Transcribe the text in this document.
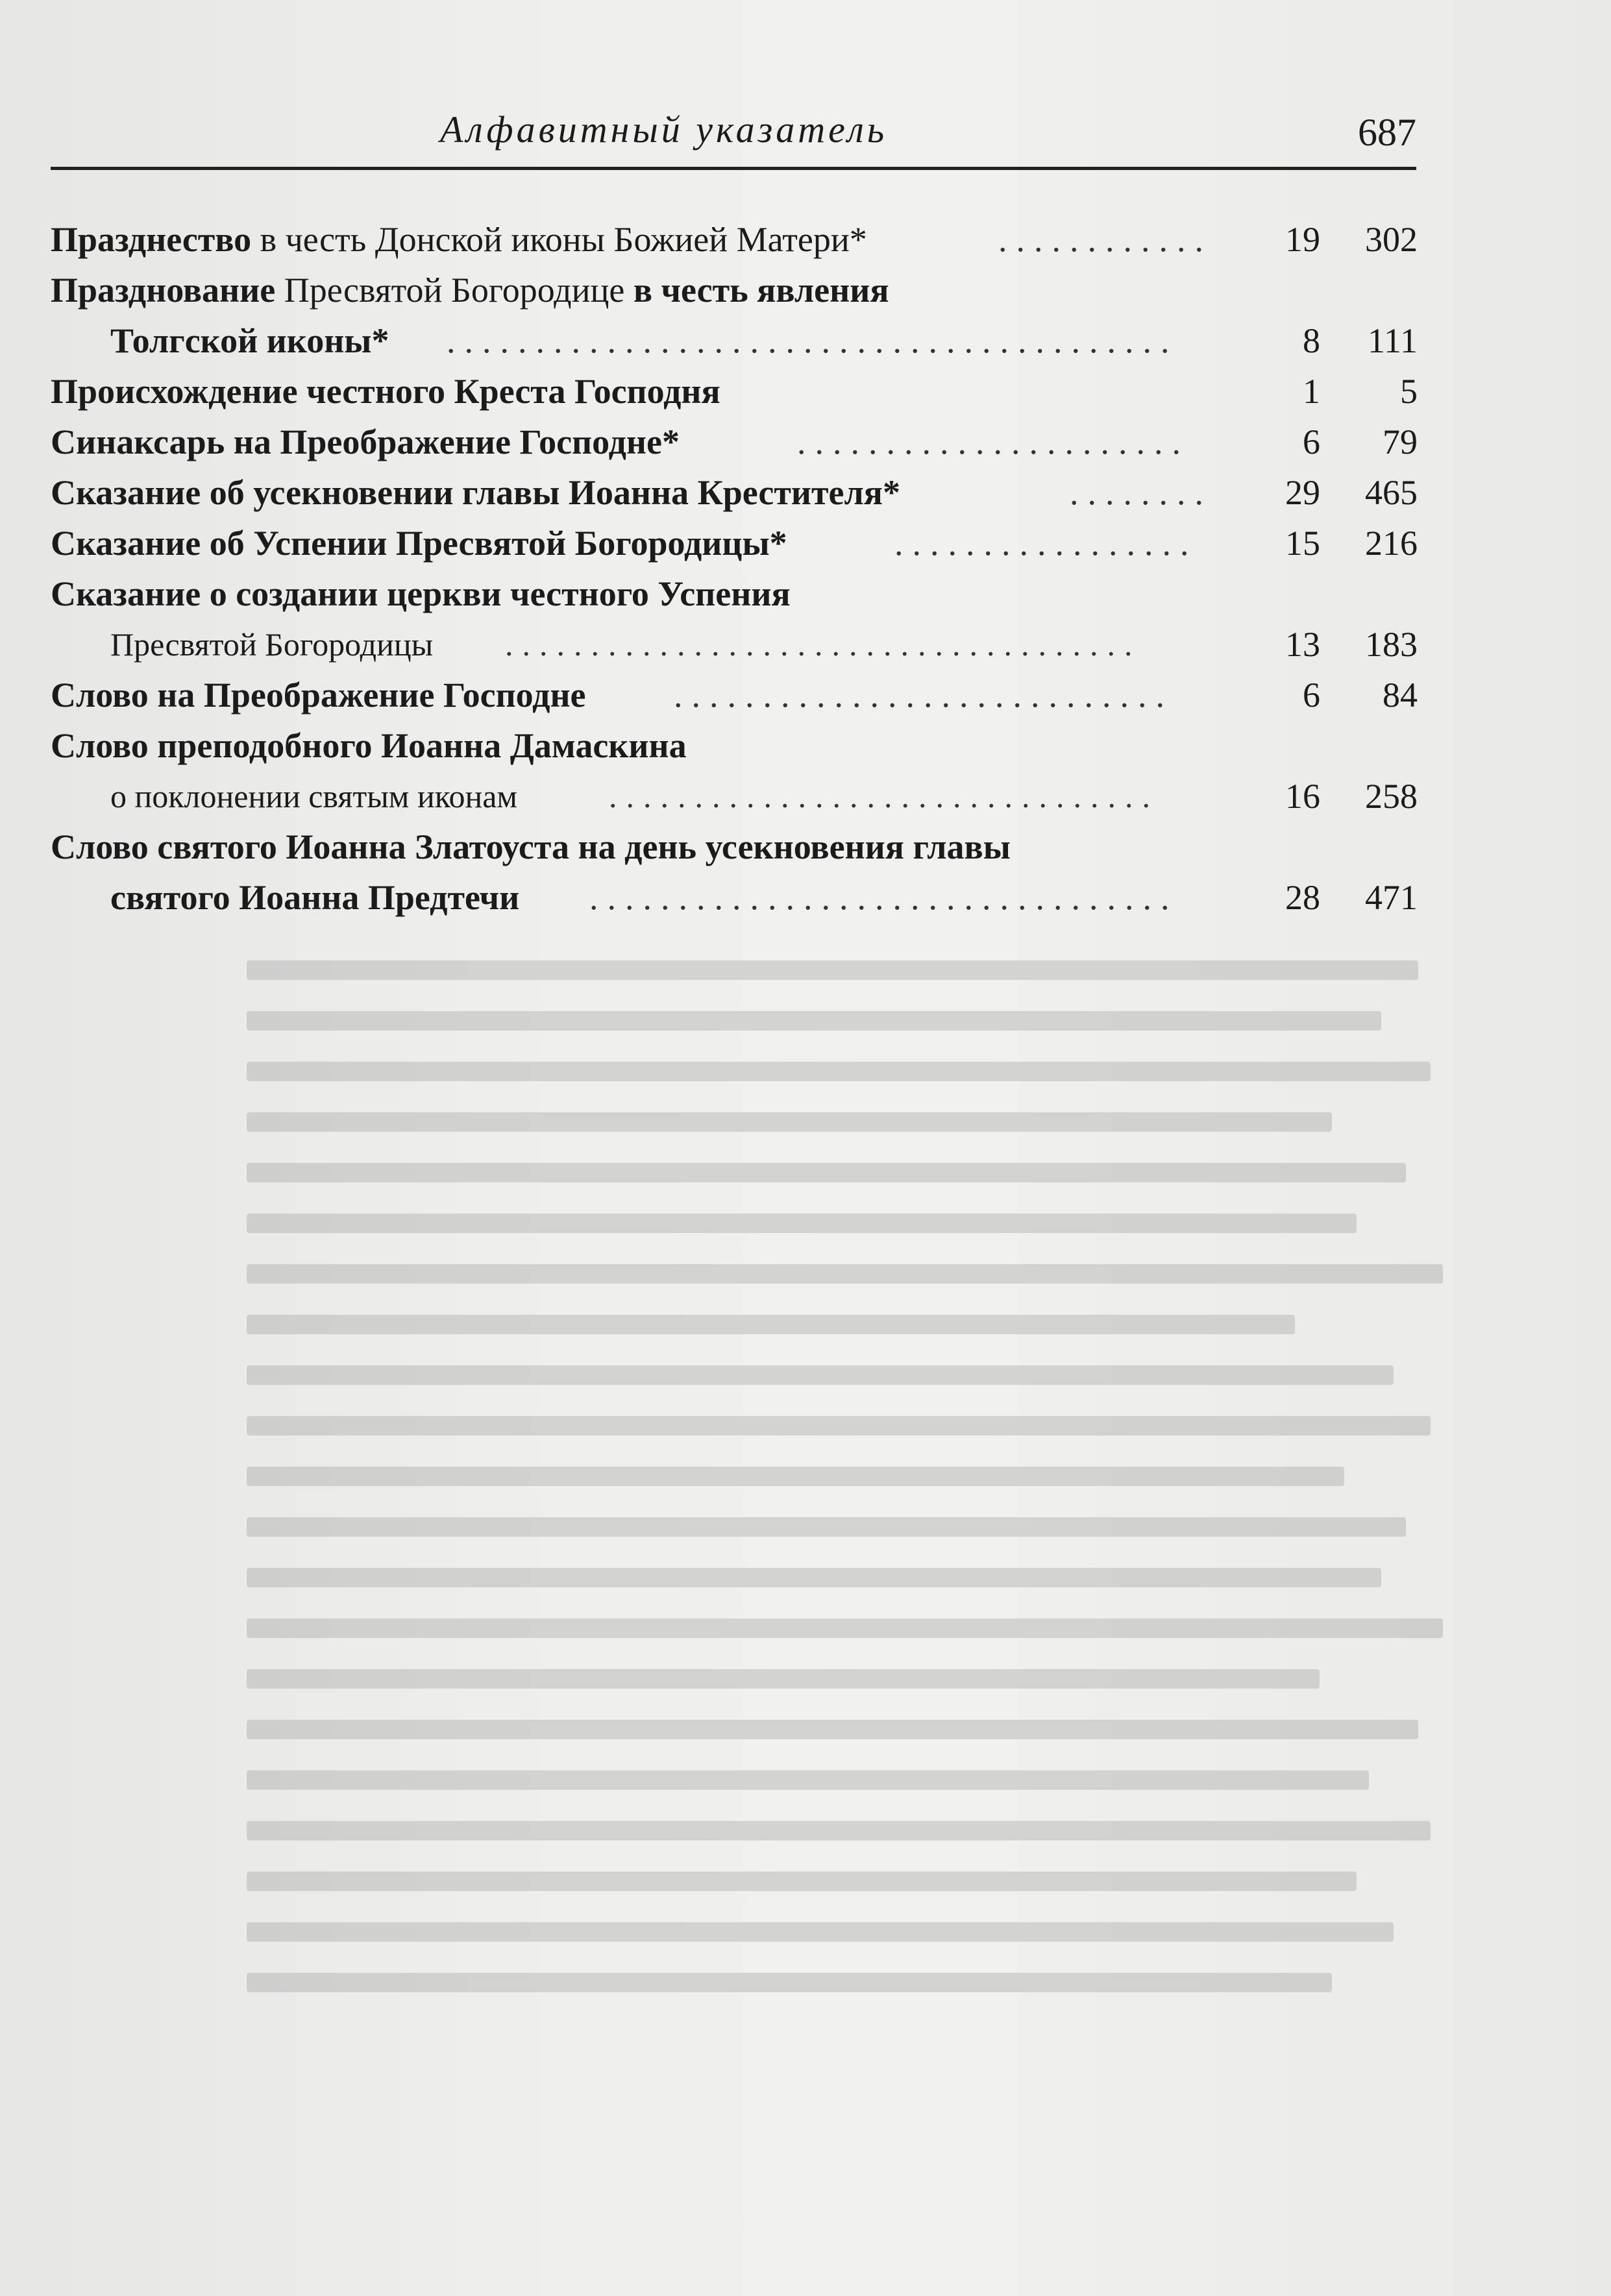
Алфавитный указатель	687
Празднество в честь Донской иконы Божией Матери*	............	19	302
Празднование Пресвятой Богородице в честь явления
Толгской иконы* .........................................	8	111
Происхождение честного Креста Господня	1	5
Синаксарь на Преображение Господне*	......................	6	79
Сказание об усекновении главы Иоанна Крестителя*	........	29	465
Сказание об Успении Пресвятой Богородицы*	.................	15	216
Сказание о создании церкви честного Успения
Пресвятой Богородицы .....................................	13	183
Слово на Преображение Господне	............................	6	84
Слово преподобного Иоанна Дамаскина
о поклонении святым иконам	................................	16	258
Слово святого Иоанна Златоуста на день усекновения главы
святого Иоанна Предтечи .................................	28	471
